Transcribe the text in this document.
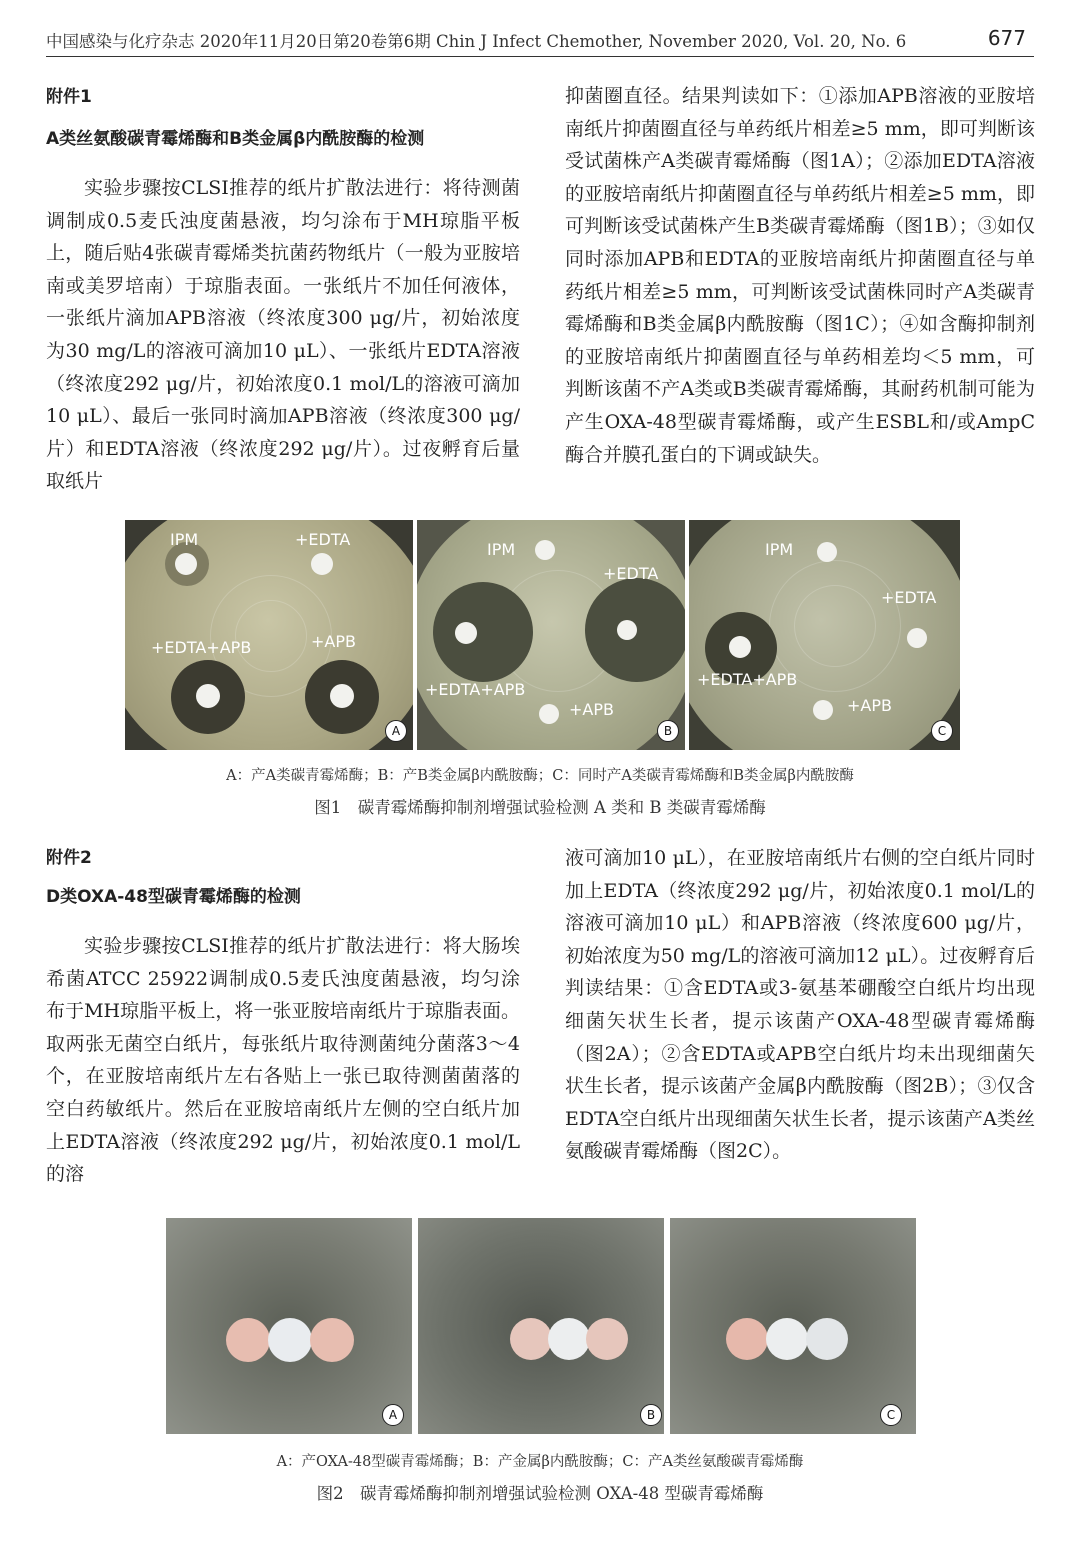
中国感染与化疗杂志 2020年11月20日第20卷第6期 Chin J Infect Chemother, November 2020, Vol. 20, No. 6	677

附件1

A类丝氨酸碳青霉烯酶和B类金属β内酰胺酶的检测

实验步骤按CLSI推荐的纸片扩散法进行：将待测菌调制成0.5麦氏浊度菌悬液，均匀涂布于MH琼脂平板上，随后贴4张碳青霉烯类抗菌药物纸片（一般为亚胺培南或美罗培南）于琼脂表面。一张纸片不加任何液体，一张纸片滴加APB溶液（终浓度300 μg/片，初始浓度为30 mg/L的溶液可滴加10 μL）、一张纸片EDTA溶液（终浓度292 μg/片，初始浓度0.1 mol/L的溶液可滴加10 μL）、最后一张同时滴加APB溶液（终浓度300 μg/片）和EDTA溶液（终浓度292 μg/片）。过夜孵育后量取纸片

抑菌圈直径。结果判读如下：①添加APB溶液的亚胺培南纸片抑菌圈直径与单药纸片相差≥5 mm，即可判断该受试菌株产A类碳青霉烯酶（图1A）；②添加EDTA溶液的亚胺培南纸片抑菌圈直径与单药纸片相差≥5 mm，即可判断该受试菌株产生B类碳青霉烯酶（图1B）；③如仅同时添加APB和EDTA的亚胺培南纸片抑菌圈直径与单药纸片相差≥5 mm，可判断该受试菌株同时产A类碳青霉烯酶和B类金属β内酰胺酶（图1C）；④如含酶抑制剂的亚胺培南纸片抑菌圈直径与单药相差均＜5 mm，可判断该菌不产A类或B类碳青霉烯酶，其耐药机制可能为产生OXA-48型碳青霉烯酶，或产生ESBL和/或AmpC酶合并膜孔蛋白的下调或缺失。

IPM	+EDTA
+EDTA+APB	+APB
A
IPM
+EDTA
+EDTA+APB
+APB
B
IPM
+EDTA
+EDTA+APB
+APB
C
A：产A类碳青霉烯酶；B：产B类金属β内酰胺酶；C：同时产A类碳青霉烯酶和B类金属β内酰胺酶
图1　碳青霉烯酶抑制剂增强试验检测 A 类和 B 类碳青霉烯酶

附件2

D类OXA-48型碳青霉烯酶的检测

实验步骤按CLSI推荐的纸片扩散法进行：将大肠埃希菌ATCC 25922调制成0.5麦氏浊度菌悬液，均匀涂布于MH琼脂平板上，将一张亚胺培南纸片于琼脂表面。取两张无菌空白纸片，每张纸片取待测菌纯分菌落3～4个，在亚胺培南纸片左右各贴上一张已取待测菌菌落的空白药敏纸片。然后在亚胺培南纸片左侧的空白纸片加上EDTA溶液（终浓度292 μg/片，初始浓度0.1 mol/L的溶

液可滴加10 μL），在亚胺培南纸片右侧的空白纸片同时加上EDTA（终浓度292 μg/片，初始浓度0.1 mol/L的溶液可滴加10 μL）和APB溶液（终浓度600 μg/片，初始浓度为50 mg/L的溶液可滴加12 μL）。过夜孵育后判读结果：①含EDTA或3-氨基苯硼酸空白纸片均出现细菌矢状生长者，提示该菌产OXA-48型碳青霉烯酶（图2A）；②含EDTA或APB空白纸片均未出现细菌矢状生长者，提示该菌产金属β内酰胺酶（图2B）；③仅含EDTA空白纸片出现细菌矢状生长者，提示该菌产A类丝氨酸碳青霉烯酶（图2C）。

A	B	C
A：产OXA-48型碳青霉烯酶；B：产金属β内酰胺酶；C：产A类丝氨酸碳青霉烯酶
图2　碳青霉烯酶抑制剂增强试验检测 OXA-48 型碳青霉烯酶
